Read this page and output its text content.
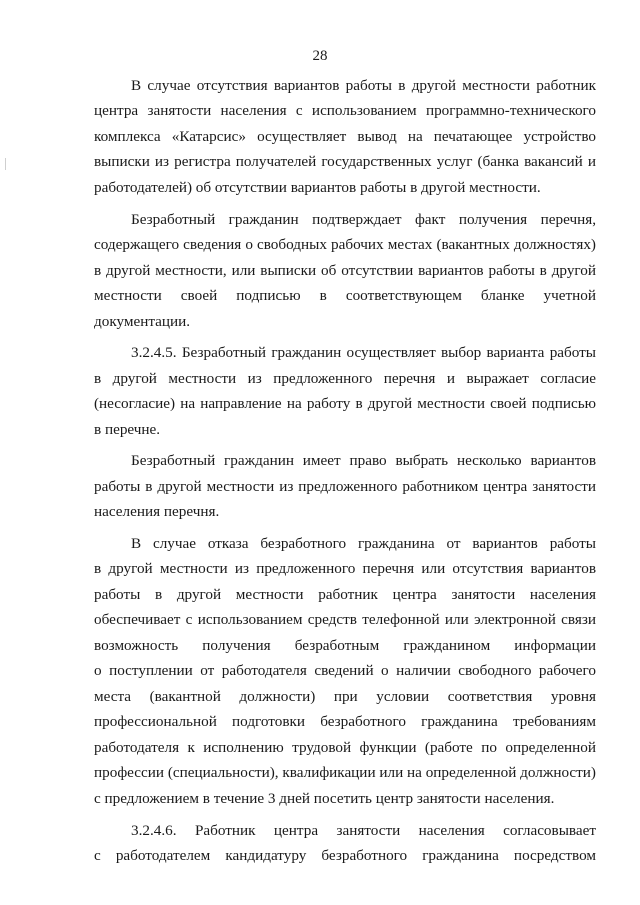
28
В случае отсутствия вариантов работы в другой местности работник
центра занятости населения с использованием программно-технического
комплекса «Катарсис» осуществляет вывод на печатающее устройство
выписки из регистра получателей государственных услуг (банка вакансий и
работодателей) об отсутствии вариантов работы в другой местности.
Безработный гражданин подтверждает факт получения перечня,
содержащего сведения о свободных рабочих местах (вакантных должностях)
в другой местности, или выписки об отсутствии вариантов работы в другой
местности своей подписью в соответствующем бланке учетной
документации.
3.2.4.5. Безработный гражданин осуществляет выбор варианта работы
в другой местности из предложенного перечня и выражает согласие
(несогласие) на направление на работу в другой местности своей подписью
в перечне.
Безработный гражданин имеет право выбрать несколько вариантов
работы в другой местности из предложенного работником центра занятости
населения перечня.
В случае отказа безработного гражданина от вариантов работы
в другой местности из предложенного перечня или отсутствия вариантов
работы в другой местности работник центра занятости населения
обеспечивает с использованием средств телефонной или электронной связи
возможность получения безработным гражданином информации
о поступлении от работодателя сведений о наличии свободного рабочего
места (вакантной должности) при условии соответствия уровня
профессиональной подготовки безработного гражданина требованиям
работодателя к исполнению трудовой функции (работе по определенной
профессии (специальности), квалификации или на определенной должности)
с предложением в течение 3 дней посетить центр занятости населения.
3.2.4.6. Работник центра занятости населения согласовывает
с работодателем кандидатуру безработного гражданина посредством
